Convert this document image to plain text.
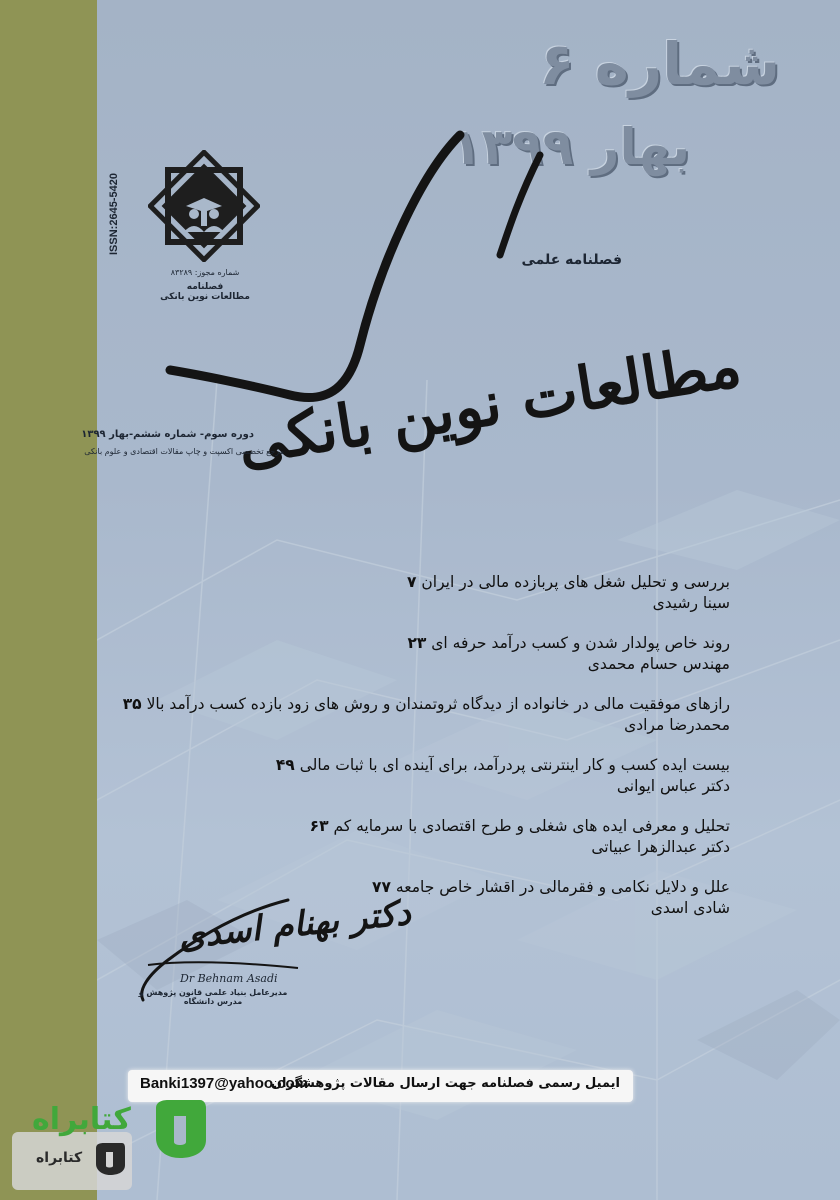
شماره ۶
بهار ۱۳۹۹
ISSN:2645-5420
شماره مجوز: ۸۳۲۸۹
فصلنامه
مطالعات نوین بانکی
فصلنامه علمی
مطالعات نوین بانکی
دوره سوم- شماره ششم-بهار ۱۳۹۹
مرجع تخصصی اکسپت و چاپ مقالات اقتصادی و علوم بانکی
بررسی و تحلیل شغل های پربازده مالی در ایران ۷
سینا رشیدی
روند خاص پولدار شدن و کسب درآمد حرفه ای ۲۳
مهندس حسام محمدی
رازهای موفقیت مالی در خانواده از دیدگاه ثروتمندان و روش های زود بازده کسب درآمد بالا ۳۵
محمدرضا مرادی
بیست ایده کسب و کار اینترنتی پردرآمد، برای آینده ای با ثبات مالی ۴۹
دکتر عباس ایوانی
تحلیل و معرفی ایده های شغلی و طرح اقتصادی با سرمایه کم ۶۳
دکتر عبدالزهرا عبیاتی
علل و دلایل نکامی و فقرمالی در اقشار خاص جامعه ۷۷
شادی اسدی
دکتر بهنام اسدی
Dr Behnam Asadi
مدیرعامل بنیاد علمی قانون پژوهش و مدرس دانشگاه
Banki1397@yahoo.com
ایمیل رسمی فصلنامه جهت ارسال مقالات پژوهشگران
کتابراه
کتابراه
